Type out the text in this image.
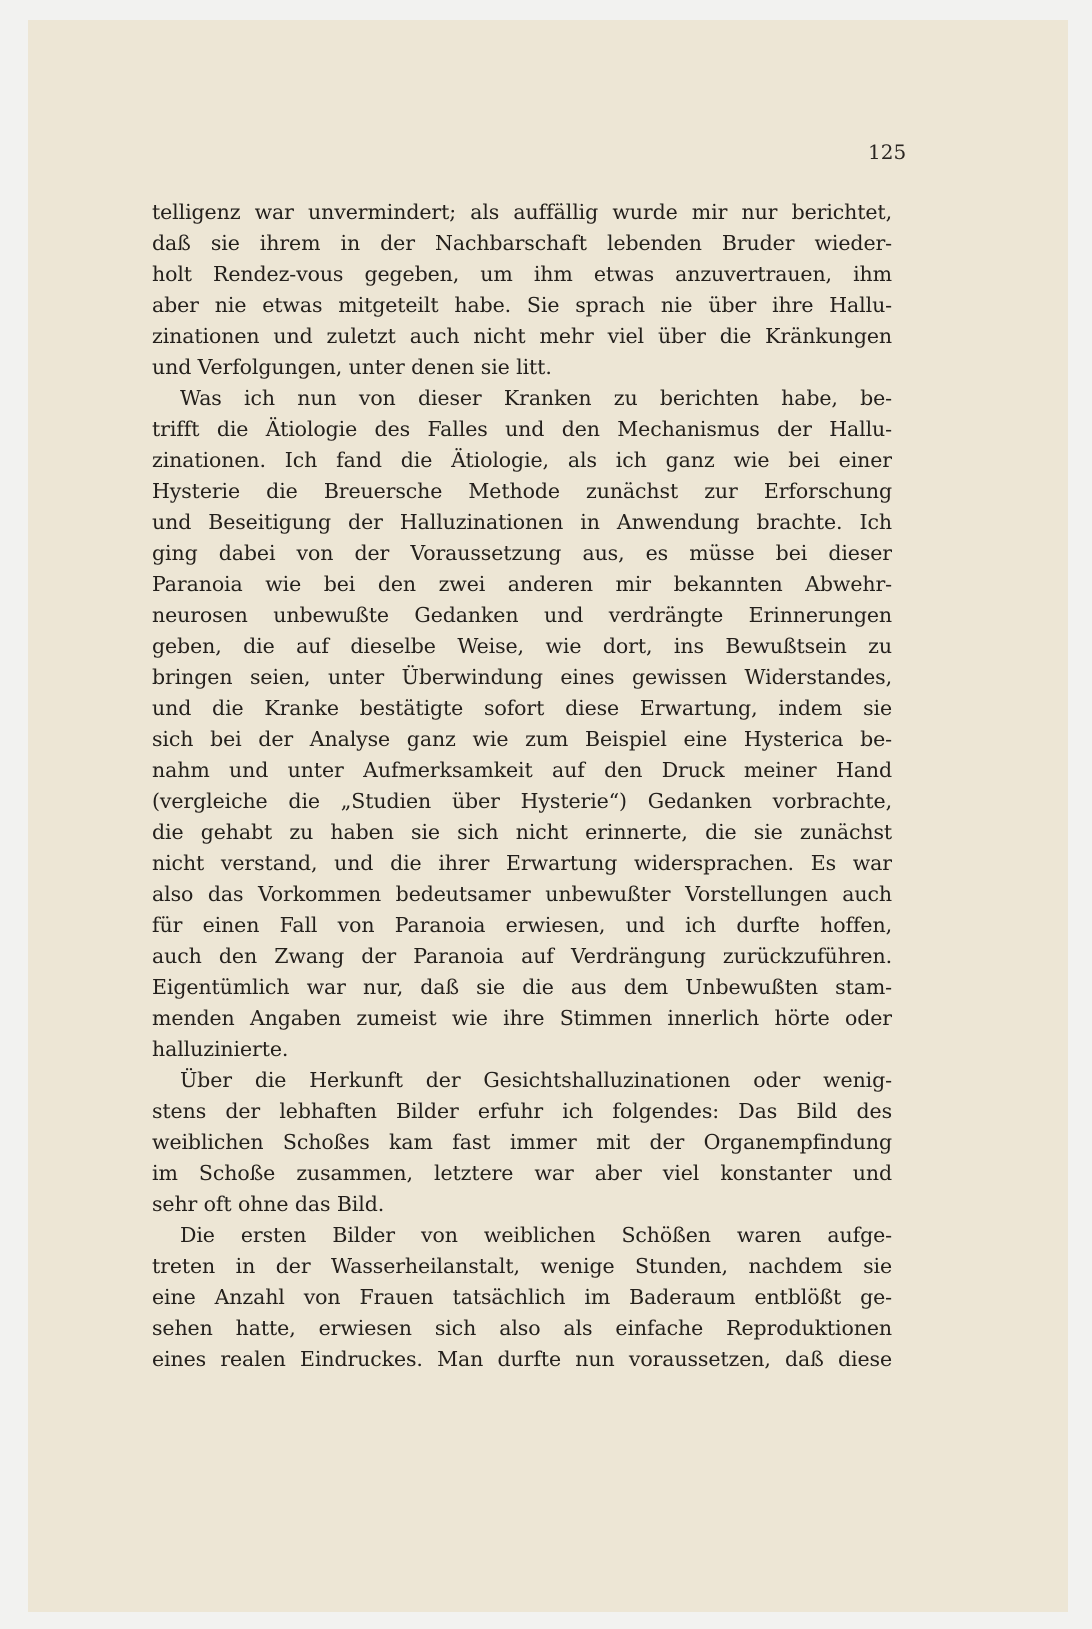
125
telligenz war unvermindert; als auffällig wurde mir nur berichtet,
daß sie ihrem in der Nachbarschaft lebenden Bruder wieder-
holt Rendez-vous gegeben, um ihm etwas anzuvertrauen, ihm
aber nie etwas mitgeteilt habe. Sie sprach nie über ihre Hallu-
zinationen und zuletzt auch nicht mehr viel über die Kränkungen
und Verfolgungen, unter denen sie litt.
Was ich nun von dieser Kranken zu berichten habe, be-
trifft die Ätiologie des Falles und den Mechanismus der Hallu-
zinationen. Ich fand die Ätiologie, als ich ganz wie bei einer
Hysterie die Breuersche Methode zunächst zur Erforschung
und Beseitigung der Halluzinationen in Anwendung brachte. Ich
ging dabei von der Voraussetzung aus, es müsse bei dieser
Paranoia wie bei den zwei anderen mir bekannten Abwehr-
neurosen unbewußte Gedanken und verdrängte Erinnerungen
geben, die auf dieselbe Weise, wie dort, ins Bewußtsein zu
bringen seien, unter Überwindung eines gewissen Widerstandes,
und die Kranke bestätigte sofort diese Erwartung, indem sie
sich bei der Analyse ganz wie zum Beispiel eine Hysterica be-
nahm und unter Aufmerksamkeit auf den Druck meiner Hand
(vergleiche die „Studien über Hysterie“) Gedanken vorbrachte,
die gehabt zu haben sie sich nicht erinnerte, die sie zunächst
nicht verstand, und die ihrer Erwartung widersprachen. Es war
also das Vorkommen bedeutsamer unbewußter Vorstellungen auch
für einen Fall von Paranoia erwiesen, und ich durfte hoffen,
auch den Zwang der Paranoia auf Verdrängung zurückzuführen.
Eigentümlich war nur, daß sie die aus dem Unbewußten stam-
menden Angaben zumeist wie ihre Stimmen innerlich hörte oder
halluzinierte.
Über die Herkunft der Gesichtshalluzinationen oder wenig-
stens der lebhaften Bilder erfuhr ich folgendes: Das Bild des
weiblichen Schoßes kam fast immer mit der Organempfindung
im Schoße zusammen, letztere war aber viel konstanter und
sehr oft ohne das Bild.
Die ersten Bilder von weiblichen Schößen waren aufge-
treten in der Wasserheilanstalt, wenige Stunden, nachdem sie
eine Anzahl von Frauen tatsächlich im Baderaum entblößt ge-
sehen hatte, erwiesen sich also als einfache Reproduktionen
eines realen Eindruckes. Man durfte nun voraussetzen, daß diese
